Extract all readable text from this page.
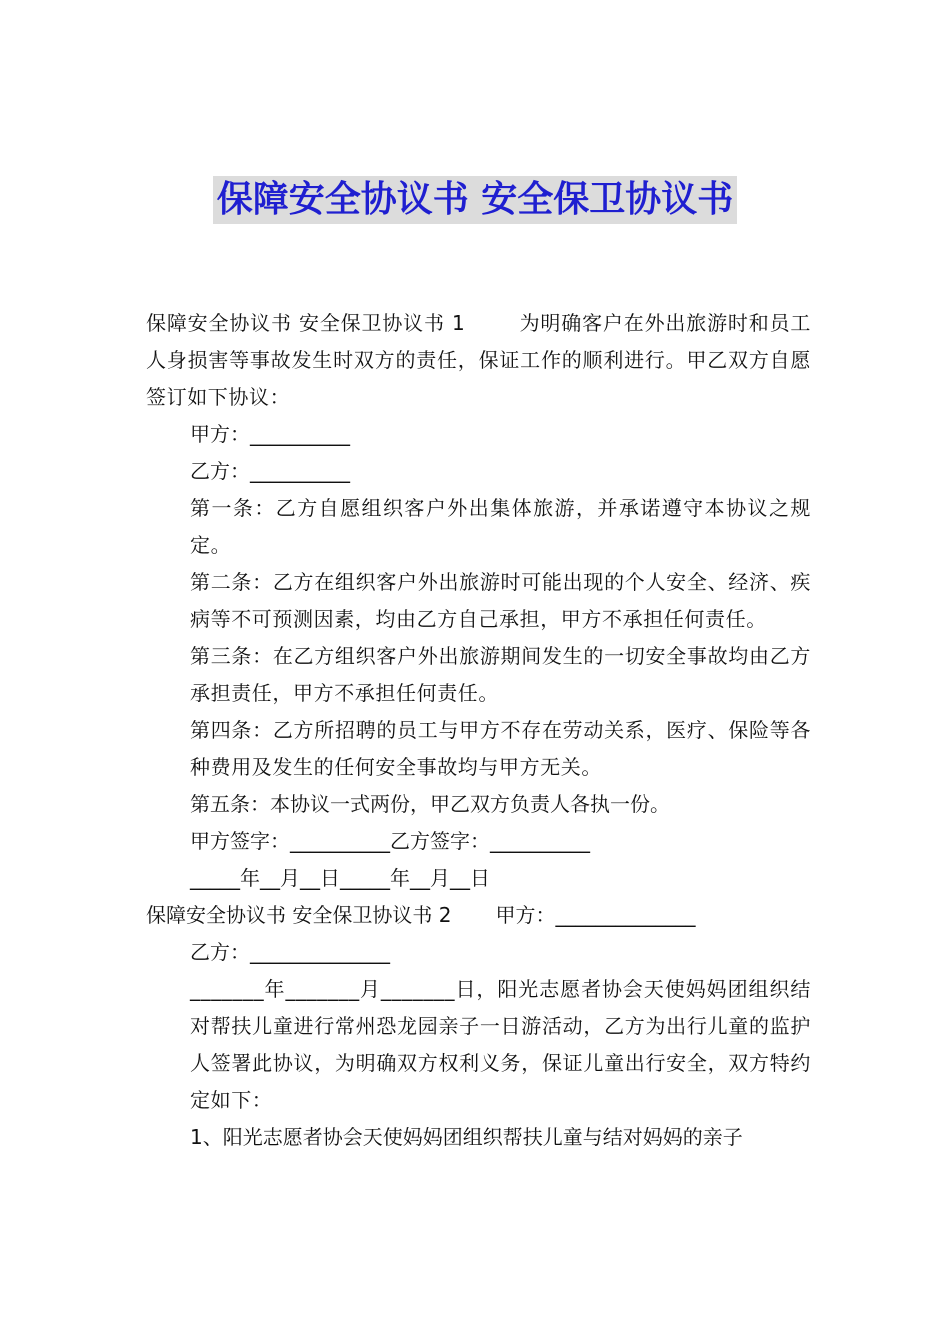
保障安全协议书 安全保卫协议书

保障安全协议书 安全保卫协议书 1	为明确客户在外出旅游时和员工人身损害等事故发生时双方的责任，保证工作的顺利进行。甲乙双方自愿签订如下协议：

甲方：__________

乙方：__________

第一条：乙方自愿组织客户外出集体旅游，并承诺遵守本协议之规定。

第二条：乙方在组织客户外出旅游时可能出现的个人安全、经济、疾病等不可预测因素，均由乙方自己承担，甲方不承担任何责任。

第三条：在乙方组织客户外出旅游期间发生的一切安全事故均由乙方承担责任，甲方不承担任何责任。

第四条：乙方所招聘的员工与甲方不存在劳动关系，医疗、保险等各种费用及发生的任何安全事故均与甲方无关。

第五条：本协议一式两份，甲乙双方负责人各执一份。

甲方签字：__________乙方签字：__________

_____年__月__日_____年__月__日

保障安全协议书 安全保卫协议书 2 甲方：______________

乙方：______________

_______年_______月_______日，阳光志愿者协会天使妈妈团组织结对帮扶儿童进行常州恐龙园亲子一日游活动，乙方为出行儿童的监护人签署此协议，为明确双方权利义务，保证儿童出行安全，双方特约定如下：

1、阳光志愿者协会天使妈妈团组织帮扶儿童与结对妈妈的亲子
